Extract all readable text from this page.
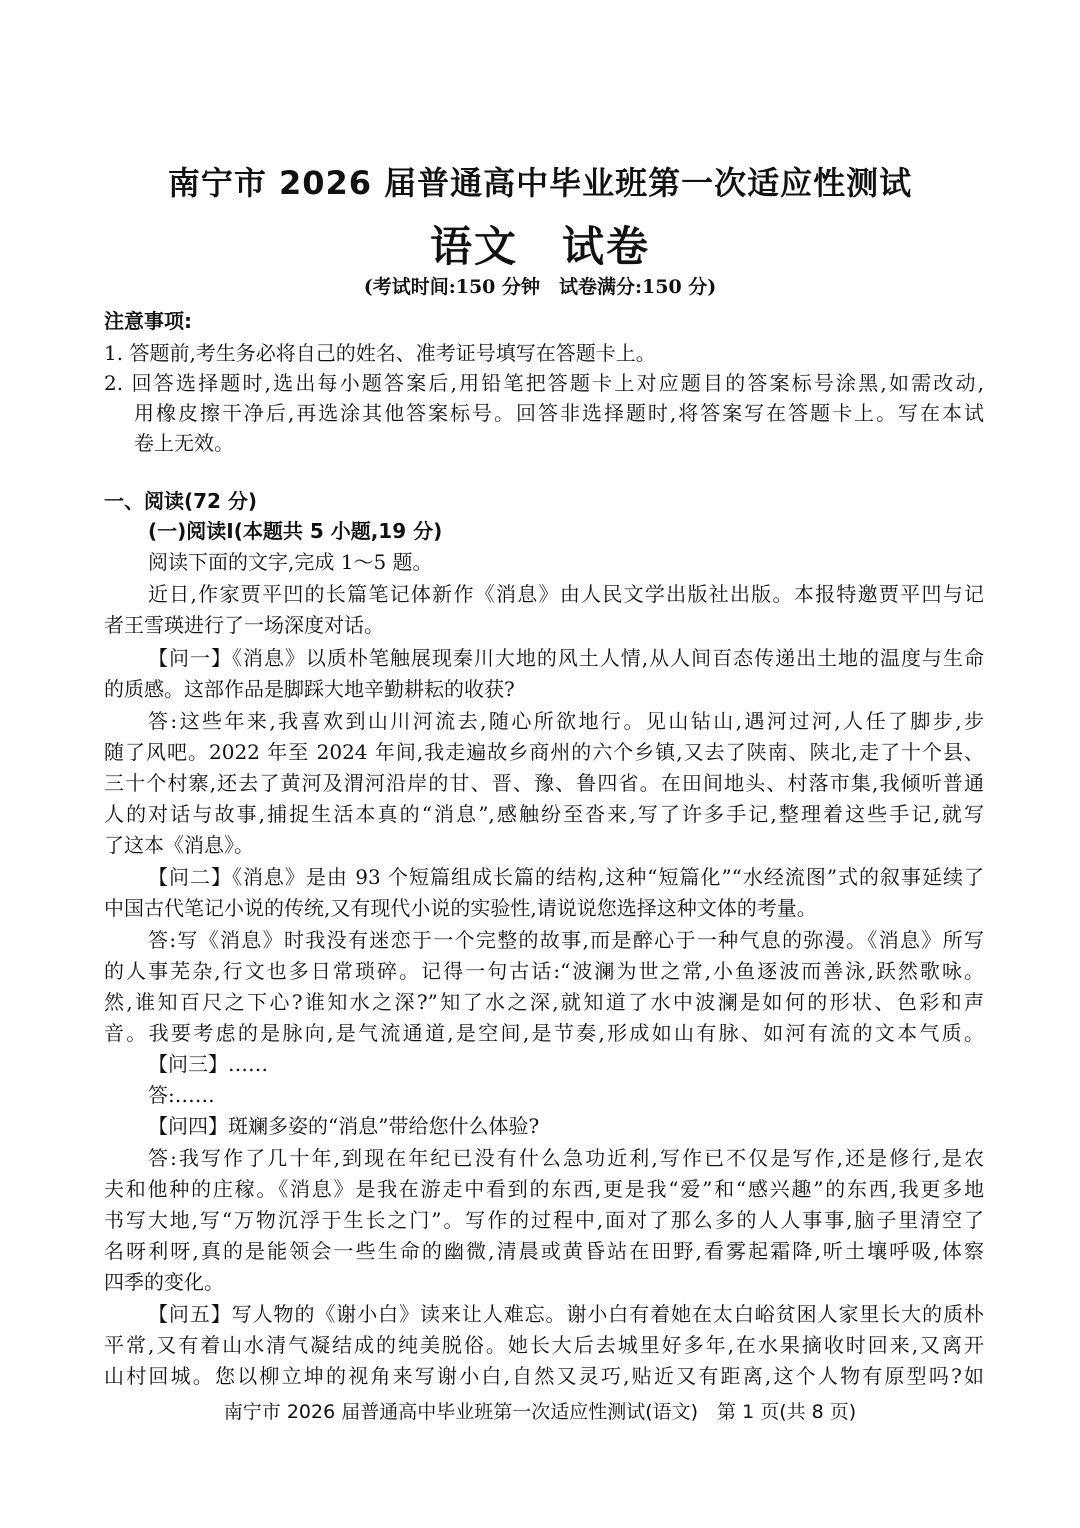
南宁市 2026 届普通高中毕业班第一次适应性测试
语文　试卷
(考试时间:150 分钟　试卷满分:150 分)
注意事项:
1. 答题前,考生务必将自己的姓名、准考证号填写在答题卡上。
2. 回答选择题时,选出每小题答案后,用铅笔把答题卡上对应题目的答案标号涂黑,如需改动,
用橡皮擦干净后,再选涂其他答案标号。回答非选择题时,将答案写在答题卡上。写在本试
卷上无效。
一、阅读(72 分)
(一)阅读Ⅰ(本题共 5 小题,19 分)
阅读下面的文字,完成 1～5 题。
近日,作家贾平凹的长篇笔记体新作《消息》由人民文学出版社出版。本报特邀贾平凹与记
者王雪瑛进行了一场深度对话。
【问一】《消息》以质朴笔触展现秦川大地的风土人情,从人间百态传递出土地的温度与生命
的质感。这部作品是脚踩大地辛勤耕耘的收获?
答:这些年来,我喜欢到山川河流去,随心所欲地行。见山钻山,遇河过河,人任了脚步,步
随了风吧。2022 年至 2024 年间,我走遍故乡商州的六个乡镇,又去了陕南、陕北,走了十个县、
三十个村寨,还去了黄河及渭河沿岸的甘、晋、豫、鲁四省。在田间地头、村落市集,我倾听普通
人的对话与故事,捕捉生活本真的“消息”,感触纷至沓来,写了许多手记,整理着这些手记,就写
了这本《消息》。
【问二】《消息》是由 93 个短篇组成长篇的结构,这种“短篇化”“水经流图”式的叙事延续了
中国古代笔记小说的传统,又有现代小说的实验性,请说说您选择这种文体的考量。
答:写《消息》时我没有迷恋于一个完整的故事,而是醉心于一种气息的弥漫。《消息》所写
的人事芜杂,行文也多日常琐碎。记得一句古话:“波澜为世之常,小鱼逐波而善泳,跃然歌咏。
然,谁知百尺之下心?谁知水之深?”知了水之深,就知道了水中波澜是如何的形状、色彩和声
音。我要考虑的是脉向,是气流通道,是空间,是节奏,形成如山有脉、如河有流的文本气质。
【问三】……
答:……
【问四】斑斓多姿的“消息”带给您什么体验?
答:我写作了几十年,到现在年纪已没有什么急功近利,写作已不仅是写作,还是修行,是农
夫和他种的庄稼。《消息》是我在游走中看到的东西,更是我“爱”和“感兴趣”的东西,我更多地
书写大地,写“万物沉浮于生长之门”。写作的过程中,面对了那么多的人人事事,脑子里清空了
名呀利呀,真的是能领会一些生命的幽微,清晨或黄昏站在田野,看雾起霜降,听土壤呼吸,体察
四季的变化。
【问五】写人物的《谢小白》读来让人难忘。谢小白有着她在太白峪贫困人家里长大的质朴
平常,又有着山水清气凝结成的纯美脱俗。她长大后去城里好多年,在水果摘收时回来,又离开
山村回城。您以柳立坤的视角来写谢小白,自然又灵巧,贴近又有距离,这个人物有原型吗?如
南宁市 2026 届普通高中毕业班第一次适应性测试(语文)　第 1 页(共 8 页)
